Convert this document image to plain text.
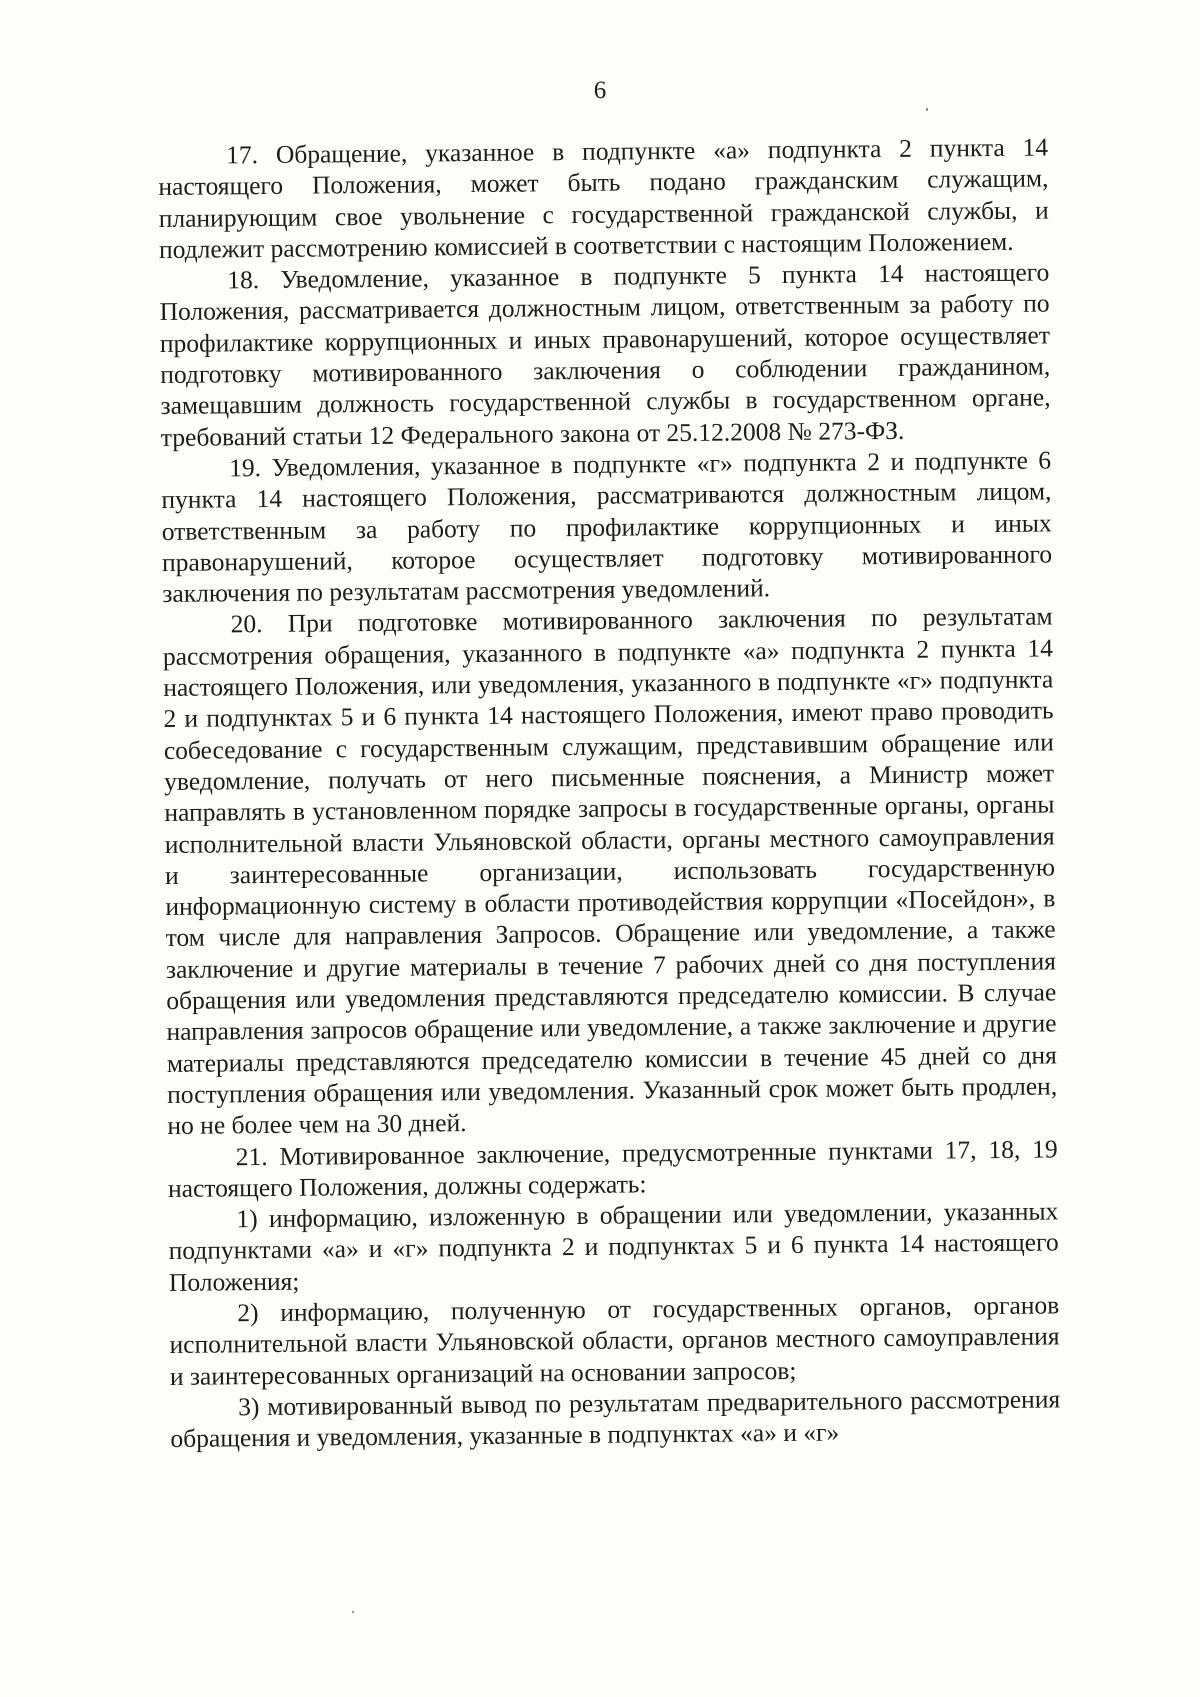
6

17. Обращение, указанное в подпункте «а» подпункта 2 пункта 14 настоящего Положения, может быть подано гражданским служащим, планирующим свое увольнение с государственной гражданской службы, и подлежит рассмотрению комиссией в соответствии с настоящим Положением.

18. Уведомление, указанное в подпункте 5 пункта 14 настоящего Положения, рассматривается должностным лицом, ответственным за работу по профилактике коррупционных и иных правонарушений, которое осуществляет подготовку мотивированного заключения о соблюдении гражданином, замещавшим должность государственной службы в государственном органе, требований статьи 12 Федерального закона от 25.12.2008 № 273-ФЗ.

19. Уведомления, указанное в подпункте «г» подпункта 2 и подпункте 6 пункта 14 настоящего Положения, рассматриваются должностным лицом, ответственным за работу по профилактике коррупционных и иных правонарушений, которое осуществляет подготовку мотивированного заключения по результатам рассмотрения уведомлений.

20. При подготовке мотивированного заключения по результатам рассмотрения обращения, указанного в подпункте «а» подпункта 2 пункта 14 настоящего Положения, или уведомления, указанного в подпункте «г» подпункта 2 и подпунктах 5 и 6 пункта 14 настоящего Положения, имеют право проводить собеседование с государственным служащим, представившим обращение или уведомление, получать от него письменные пояснения, а Министр может направлять в установленном порядке запросы в государственные органы, органы исполнительной власти Ульяновской области, органы местного самоуправления и заинтересованные организации, использовать государственную информационную систему в области противодействия коррупции «Посейдон», в том числе для направления Запросов. Обращение или уведомление, а также заключение и другие материалы в течение 7 рабочих дней со дня поступления обращения или уведомления представляются председателю комиссии. В случае направления запросов обращение или уведомление, а также заключение и другие материалы представляются председателю комиссии в течение 45 дней со дня поступления обращения или уведомления. Указанный срок может быть продлен, но не более чем на 30 дней.

21. Мотивированное заключение, предусмотренные пунктами 17, 18, 19 настоящего Положения, должны содержать:

1) информацию, изложенную в обращении или уведомлении, указанных подпунктами «а» и «г» подпункта 2 и подпунктах 5 и 6 пункта 14 настоящего Положения;

2) информацию, полученную от государственных органов, органов исполнительной власти Ульяновской области, органов местного самоуправления и заинтересованных организаций на основании запросов;

3) мотивированный вывод по результатам предварительного рассмотрения обращения и уведомления, указанные в подпунктах «а» и «г»
